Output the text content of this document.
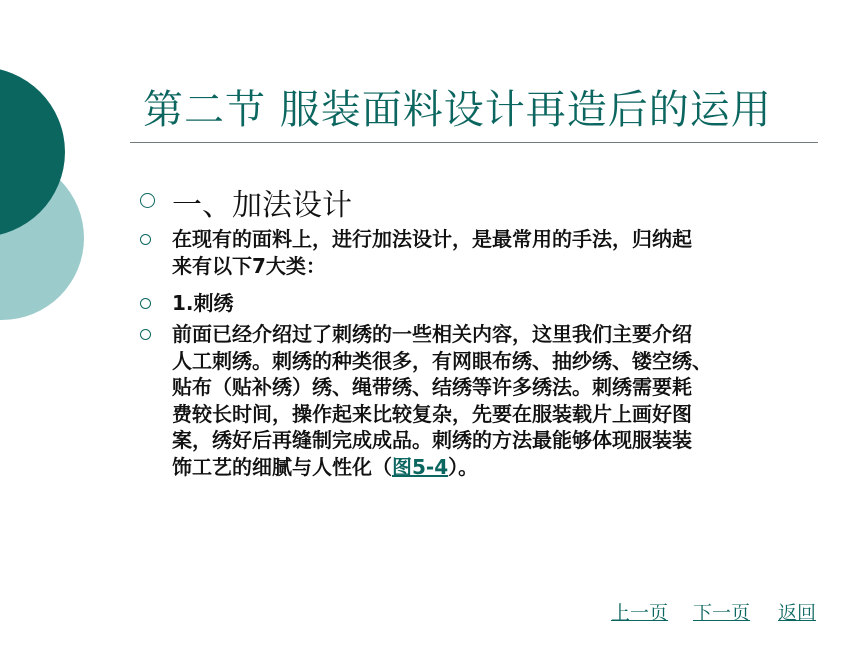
第二节 服装面料设计再造后的运用
一、加法设计
在现有的面料上，进行加法设计，是最常用的手法，归纳起
来有以下7大类：
1.刺绣
前面已经介绍过了刺绣的一些相关内容，这里我们主要介绍
人工刺绣。刺绣的种类很多，有网眼布绣、抽纱绣、镂空绣、
贴布（贴补绣）绣、绳带绣、结绣等许多绣法。刺绣需要耗
费较长时间，操作起来比较复杂，先要在服装载片上画好图
案，绣好后再缝制完成成品。刺绣的方法最能够体现服装装
饰工艺的细腻与人性化（图5-4）。
上一页 下一页 返回
